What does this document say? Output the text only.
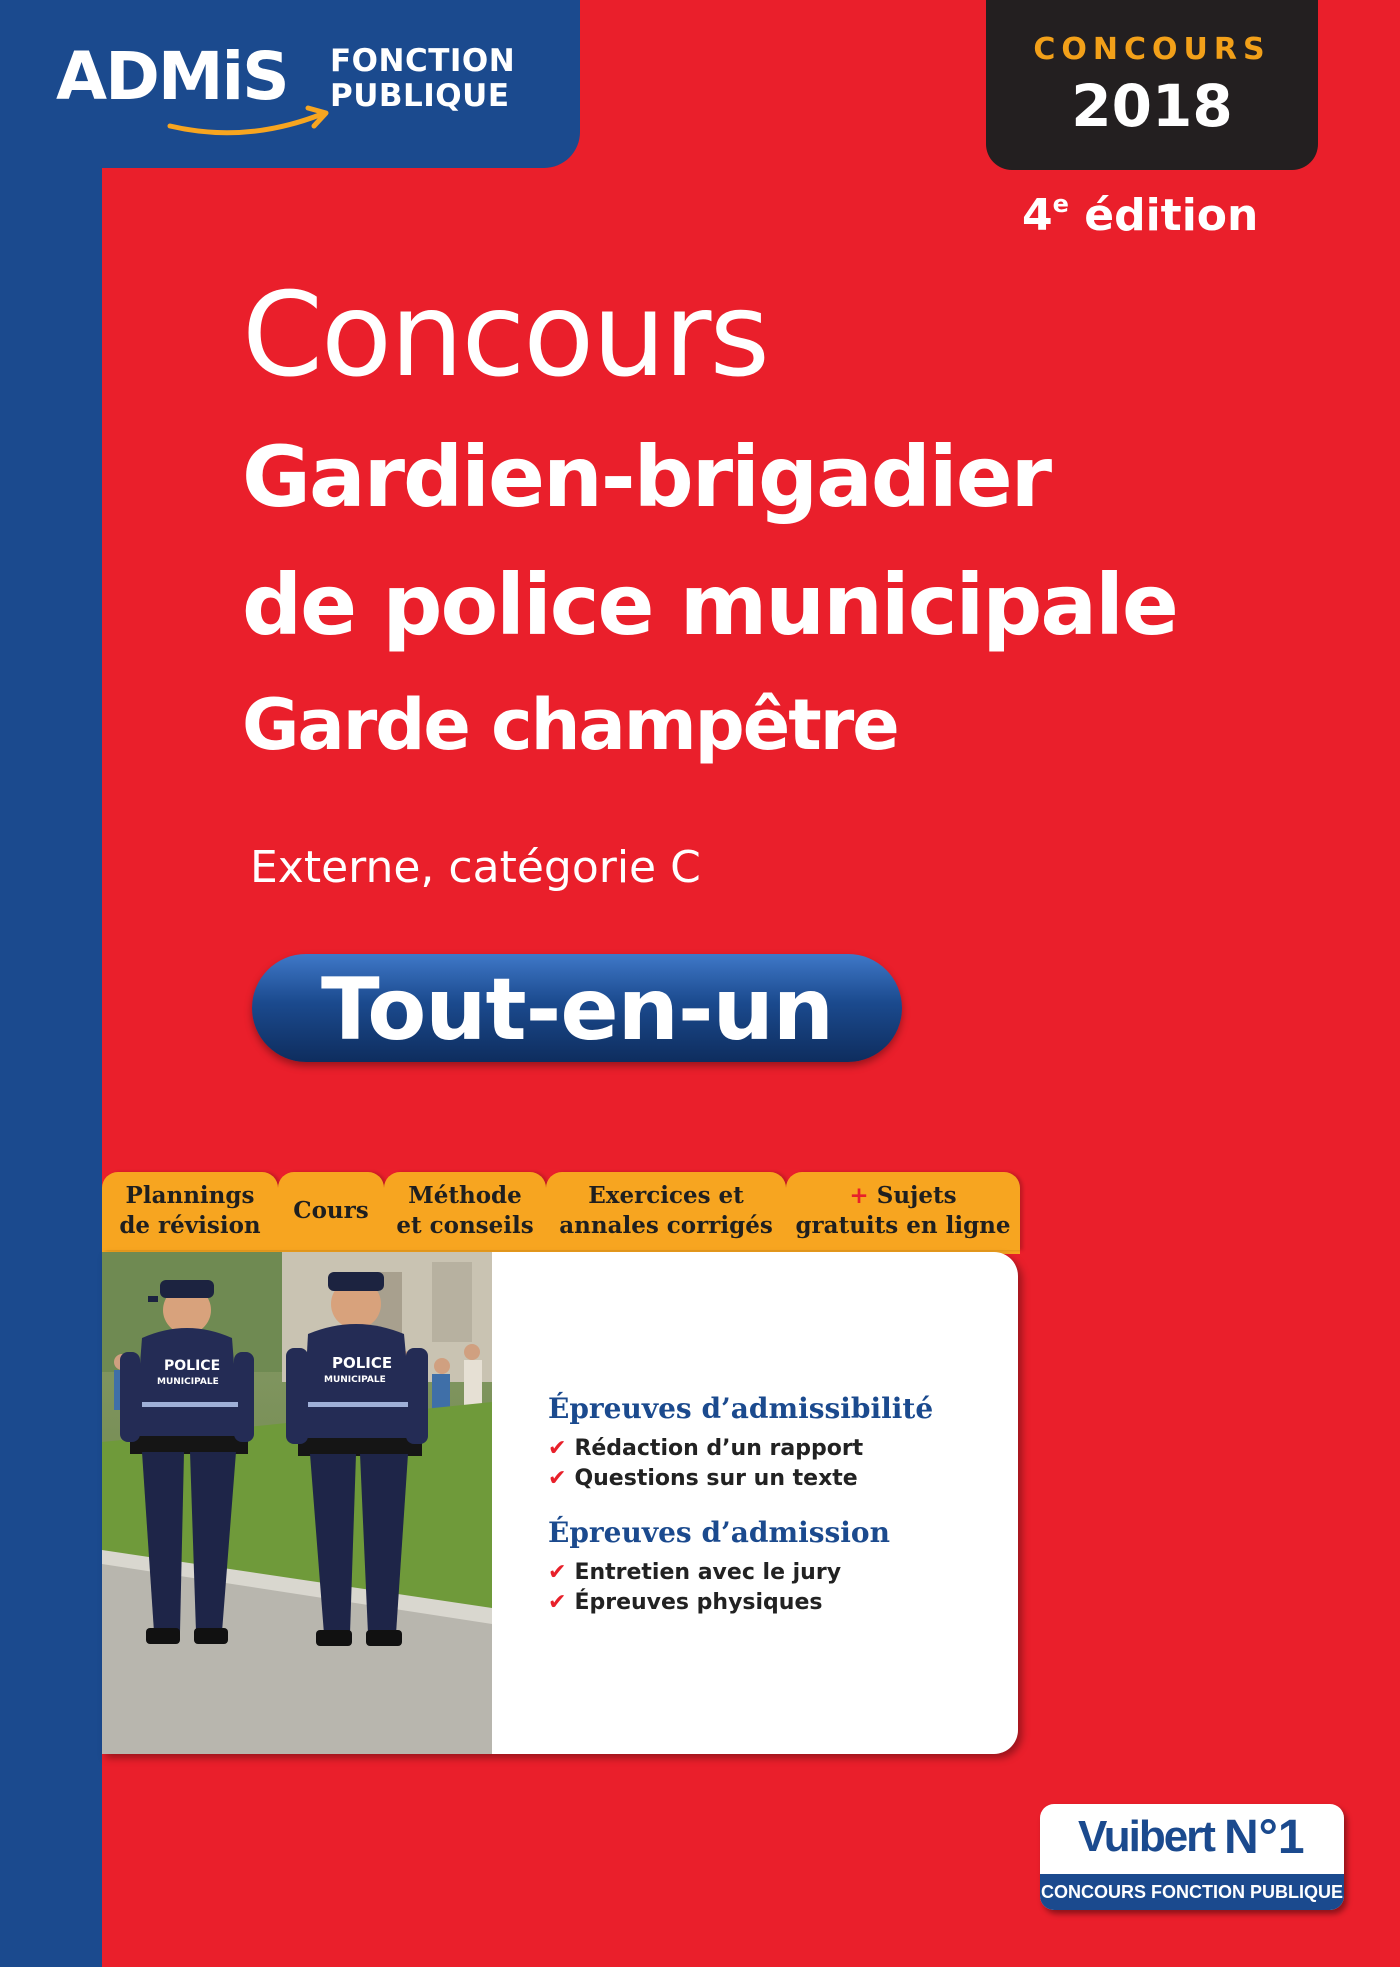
ADMiS FONCTION
PUBLIQUE
CONCOURS
2018
4e édition
Concours
Gardien-brigadier
de police municipale
Garde champêtre
Externe, catégorie C
Tout-en-un
Plannings
de révision
Cours
Méthode
et conseils
Exercices et
annales corrigés
+ Sujets
gratuits en ligne
POLICE
MUNICIPALE
POLICE
MUNICIPALE
Épreuves d’admissibilité
✔ Rédaction d’un rapport
✔ Questions sur un texte
Épreuves d’admission
✔ Entretien avec le jury
✔ Épreuves physiques
Vuibert N°1
CONCOURS FONCTION PUBLIQUE
